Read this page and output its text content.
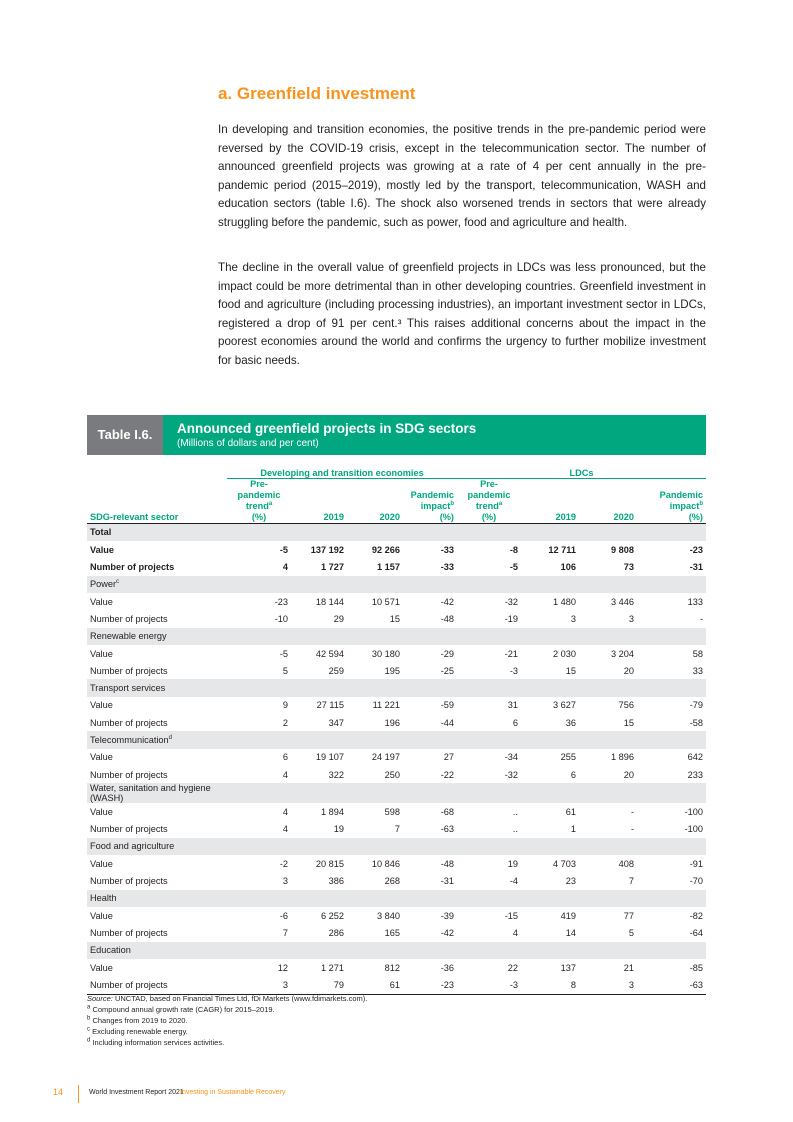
a. Greenfield investment

In developing and transition economies, the positive trends in the pre-pandemic period were reversed by the COVID-19 crisis, except in the telecommunication sector. The number of announced greenfield projects was growing at a rate of 4 per cent annually in the pre-pandemic period (2015–2019), mostly led by the transport, telecommunication, WASH and education sectors (table I.6). The shock also worsened trends in sectors that were already struggling before the pandemic, such as power, food and agriculture and health.

The decline in the overall value of greenfield projects in LDCs was less pronounced, but the impact could be more detrimental than in other developing countries. Greenfield investment in food and agriculture (including processing industries), an important investment sector in LDCs, registered a drop of 91 per cent.³ This raises additional concerns about the impact in the poorest economies around the world and confirms the urgency to further mobilize investment for basic needs.

Table I.6.	Announced greenfield projects in SDG sectors
(Millions of dollars and per cent)
	Developing and transition economies				LDCs			
SDG-relevant sector	Pre-pandemic
trend$^a$
(%)	2019	2020	Pandemic
impact$^b$
(%)	Pre-pandemic
trend$^a$
(%)	2019	2020	Pandemic
impact$^b$
(%)
Total								
Value	-5	137 192	92 266	-33	-8	12 711	9 808	-23
Number of projects	4	1 727	1 157	-33	-5	106	73	-31
Power$^c$								
Value	-23	18 144	10 571	-42	-32	1 480	3 446	133
Number of projects	-10	29	15	-48	-19	3	3	-
Renewable energy								
Value	-5	42 594	30 180	-29	-21	2 030	3 204	58
Number of projects	5	259	195	-25	-3	15	20	33
Transport services								
Value	9	27 115	11 221	-59	31	3 627	756	-79
Number of projects	2	347	196	-44	6	36	15	-58
Telecommunication$^d$								
Value	6	19 107	24 197	27	-34	255	1 896	642
Number of projects	4	322	250	-22	-32	6	20	233
Water, sanitation and hygiene (WASH)								
Value	4	1 894	598	-68	..	61	-	-100
Number of projects	4	19	7	-63	..	1	-	-100
Food and agriculture								
Value	-2	20 815	10 846	-48	19	4 703	408	-91
Number of projects	3	386	268	-31	-4	23	7	-70
Health								
Value	-6	6 252	3 840	-39	-15	419	77	-82
Number of projects	7	286	165	-42	4	14	5	-64
Education								
Value	12	1 271	812	-36	22	137	21	-85
Number of projects	3	79	61	-23	-3	8	3	-63
Source: UNCTAD, based on Financial Times Ltd, fDi Markets (www.fdimarkets.com).
$^a$ Compound annual growth rate (CAGR) for 2015–2019.
$^b$ Changes from 2019 to 2020.
$^c$ Excluding renewable energy.
$^d$ Including information services activities.
14	World Investment Report 2021
Investing in Sustainable Recovery
